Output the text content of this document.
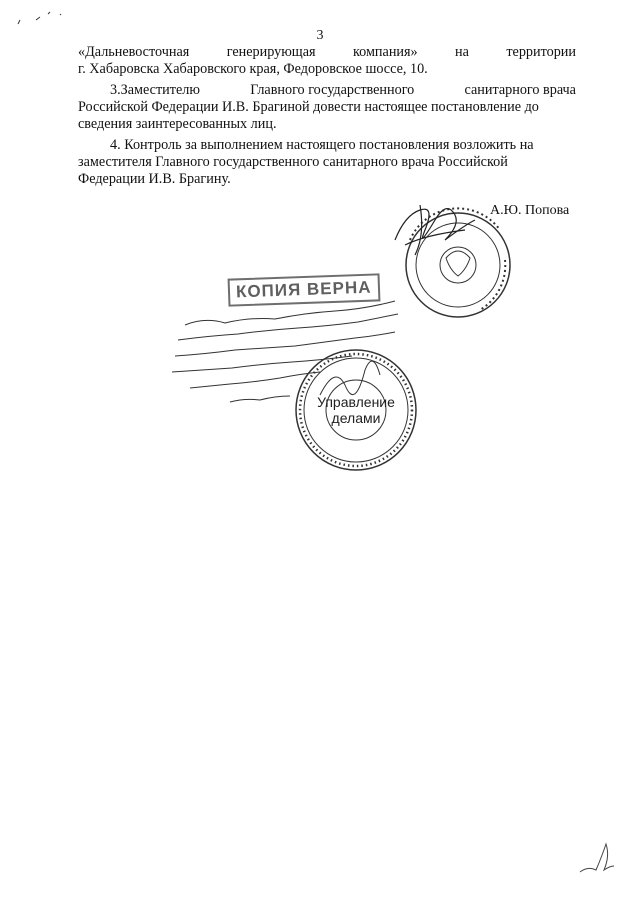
3

«Дальневосточная	генерирующая	компания»	на	территории
г. Хабаровска Хабаровского края, Федоровское шоссе, 10.

3.Заместителю	Главного государственного	санитарного врача
Российской Федерации И.В. Брагиной довести настоящее постановление до
сведения заинтересованных лиц.

4. Контроль за выполнением настоящего постановления возложить на
заместителя Главного государственного санитарного врача Российской
Федерации И.В. Брагину.

А.Ю. Попова
КОПИЯ ВЕРНА
Управление
делами
